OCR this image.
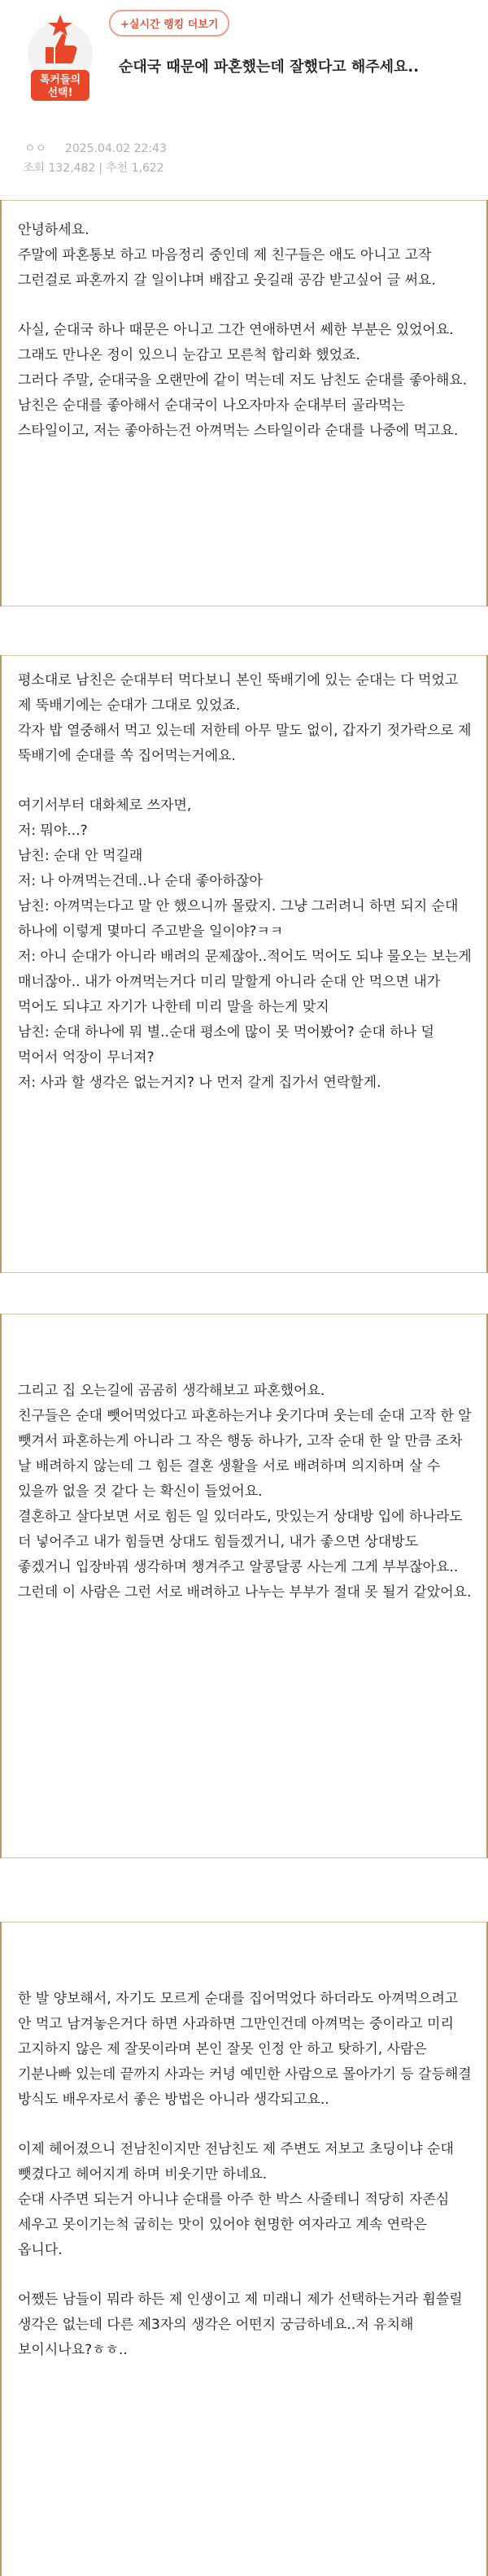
톡커들의
선택!
+실시간 랭킹 더보기
순대국 때문에 파혼했는데 잘했다고 해주세요..
ㅇㅇ 2025.04.02 22:43
조회 132,482 | 추천 1,622

안녕하세요.

주말에 파혼통보 하고 마음정리 중인데 제 친구들은 애도 아니고 고작 그런걸로 파혼까지 갈 일이냐며 배잡고 웃길래 공감 받고싶어 글 써요.

사실, 순대국 하나 때문은 아니고 그간 연애하면서 쎄한 부분은 있었어요. 그래도 만나온 정이 있으니 눈감고 모른척 합리화 했었죠.

그러다 주말, 순대국을 오랜만에 같이 먹는데 저도 남친도 순대를 좋아해요. 남친은 순대를 좋아해서 순대국이 나오자마자 순대부터 골라먹는 스타일이고, 저는 좋아하는건 아껴먹는 스타일이라 순대를 나중에 먹고요.

평소대로 남친은 순대부터 먹다보니 본인 뚝배기에 있는 순대는 다 먹었고 제 뚝배기에는 순대가 그대로 있었죠.

각자 밥 열중해서 먹고 있는데 저한테 아무 말도 없이, 갑자기 젓가락으로 제 뚝배기에 순대를 쏙 집어먹는거에요.

여기서부터 대화체로 쓰자면,

저: 뭐야...?

남친: 순대 안 먹길래

저: 나 아껴먹는건데..나 순대 좋아하잖아

남친: 아껴먹는다고 말 안 했으니까 몰랐지. 그냥 그러려니 하면 되지 순대 하나에 이렇게 몇마디 주고받을 일이야?ㅋㅋ

저: 아니 순대가 아니라 배려의 문제잖아..적어도 먹어도 되냐 물오는 보는게 매너잖아.. 내가 아껴먹는거다 미리 말할게 아니라 순대 안 먹으면 내가 먹어도 되냐고 자기가 나한테 미리 말을 하는게 맞지

남친: 순대 하나에 뭐 별..순대 평소에 많이 못 먹어봤어? 순대 하나 덜 먹어서 억장이 무너져?

저: 사과 할 생각은 없는거지? 나 먼저 갈게 집가서 연락할게.

그리고 집 오는길에 곰곰히 생각해보고 파혼했어요.

친구들은 순대 뺏어먹었다고 파혼하는거냐 웃기다며 웃는데 순대 고작 한 알 뺏겨서 파혼하는게 아니라 그 작은 행동 하나가, 고작 순대 한 알 만큼 조차 날 배려하지 않는데 그 힘든 결혼 생활을 서로 배려하며 의지하며 살 수 있을까 없을 것 같다 는 확신이 들었어요.

결혼하고 살다보면 서로 힘든 일 있더라도, 맛있는거 상대방 입에 하나라도 더 넣어주고 내가 힘들면 상대도 힘들겠거니, 내가 좋으면 상대방도 좋겠거니 입장바꿔 생각하며 챙겨주고 알콩달콩 사는게 그게 부부잖아요..

그런데 이 사람은 그런 서로 배려하고 나누는 부부가 절대 못 될거 같았어요.

한 발 양보해서, 자기도 모르게 순대를 집어먹었다 하더라도 아껴먹으려고 안 먹고 남겨놓은거다 하면 사과하면 그만인건데 아껴먹는 중이라고 미리 고지하지 않은 제 잘못이라며 본인 잘못 인정 안 하고 탓하기, 사람은 기분나빠 있는데 끝까지 사과는 커녕 예민한 사람으로 몰아가기 등 갈등해결 방식도 배우자로서 좋은 방법은 아니라 생각되고요..

이제 헤어졌으니 전남친이지만 전남친도 제 주변도 저보고 초딩이냐 순대 뺏겼다고 헤어지게 하며 비웃기만 하네요.

순대 사주면 되는거 아니냐 순대를 아주 한 박스 사줄테니 적당히 자존심 세우고 못이기는척 굽히는 맛이 있어야 현명한 여자라고 계속 연락은 옵니다.

어쨌든 남들이 뭐라 하든 제 인생이고 제 미래니 제가 선택하는거라 휩쓸릴 생각은 없는데 다른 제3자의 생각은 어떤지 궁금하네요..저 유치해 보이시나요?ㅎㅎ..
